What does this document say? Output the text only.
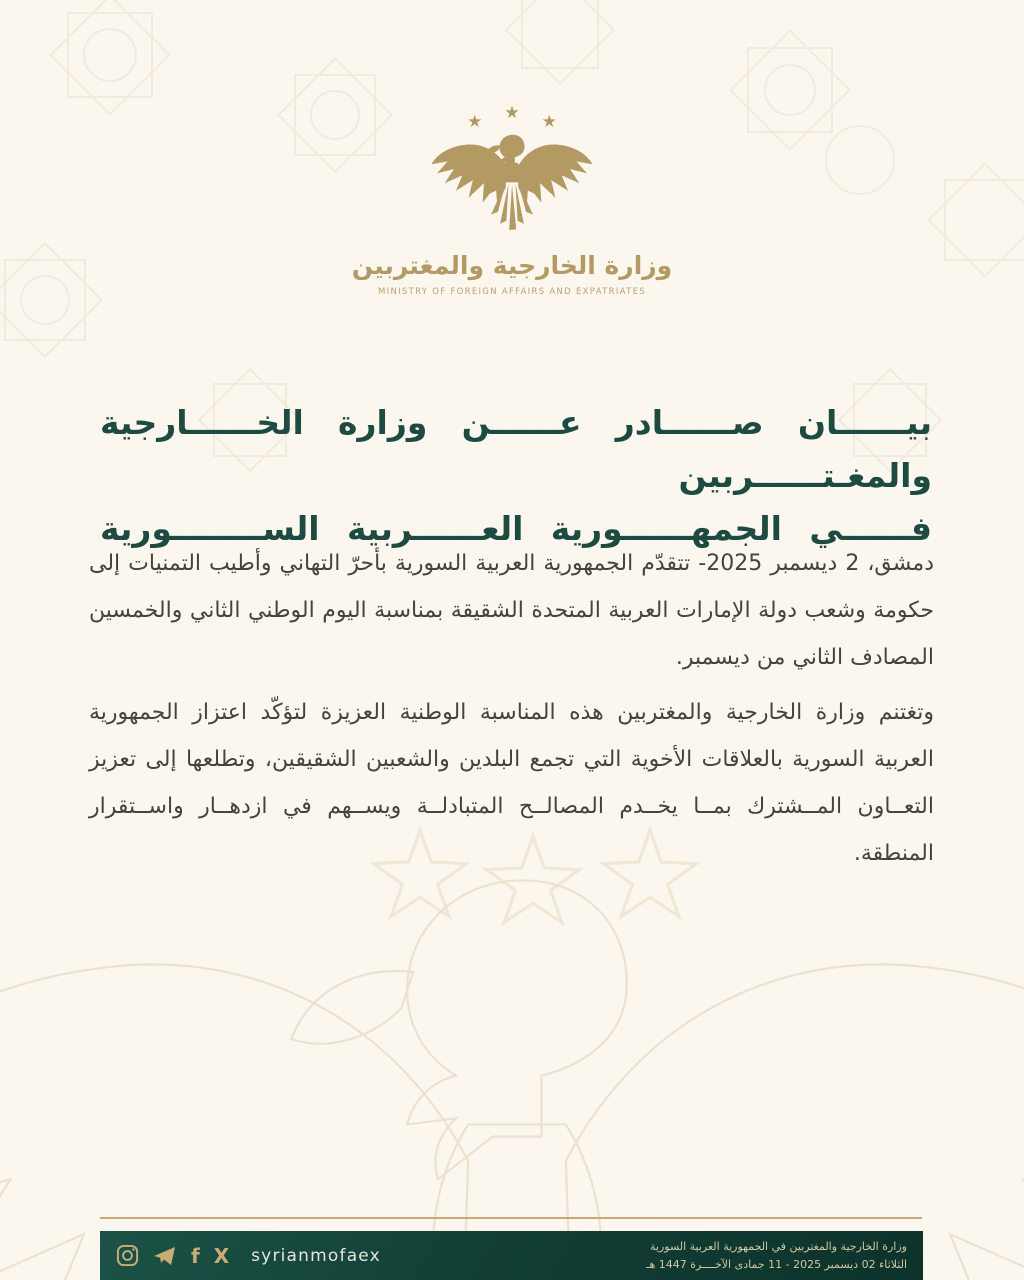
★ ★ ★
وزارة الخارجية والمغتربين
MINISTRY OF FOREIGN AFFAIRS AND EXPATRIATES
بيــــــان صــــــادر عــــــن وزارة الخــــــارجية والمغـتــــــربين
فــــــي الجمهــــــورية العــــــربية الســــــــورية

دمشق، 2 ديسمبر 2025- تتقدّم الجمهورية العربية السورية بأحرّ التهاني وأطيب التمنيات إلى حكومة وشعب دولة الإمارات العربية المتحدة الشقيقة بمناسبة اليوم الوطني الثاني والخمسين المصادف الثاني من ديسمبر.

وتغتنم وزارة الخارجية والمغتربين هذه المناسبة الوطنية العزيزة لتؤكّد اعتزاز الجمهورية العربية السورية بالعلاقات الأخوية التي تجمع البلدين والشعبين الشقيقين، وتطلعها إلى تعزيز التعــاون المــشترك بمــا يخــدم المصالــح المتبادلــة ويســهم في ازدهــار واســتقرار المنطقة.

f X syrianmofaex	وزارة الخارجية والمغتربين في الجمهورية العربية السورية
الثلاثاء 02 ديسمبر 2025 - 11 جمادى الآخــــرة 1447 هـ
